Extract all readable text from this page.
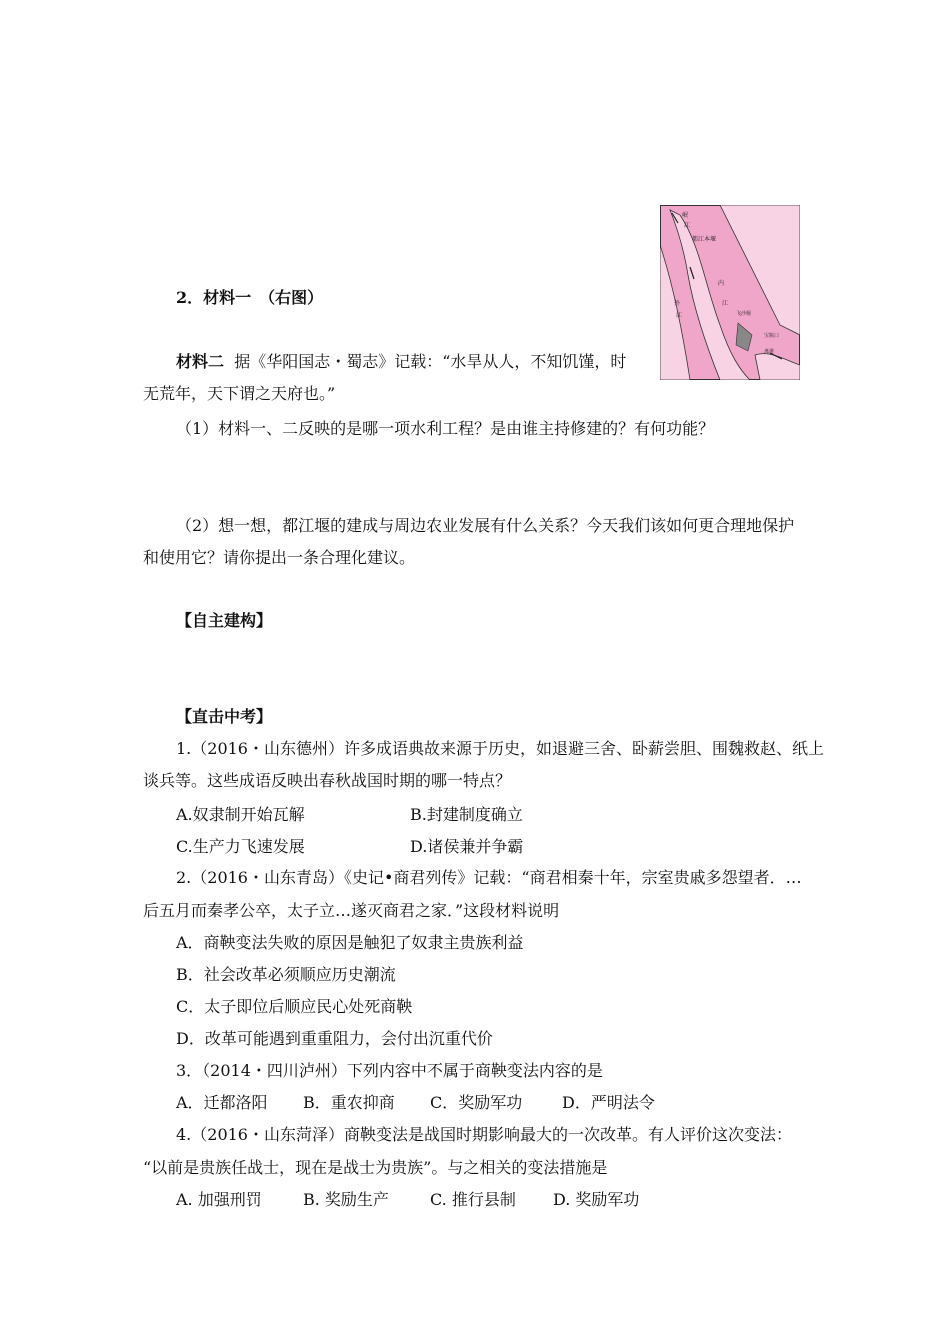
2．材料一　（右图）
材料二 据《华阳国志・蜀志》记载：“水旱从人，不知饥馑，时
无荒年，天下谓之天府也。”
（1）材料一、二反映的是哪一项水利工程？是由谁主持修建的？有何功能？
（2）想一想，都江堰的建成与周边农业发展有什么关系？今天我们该如何更合理地保护
和使用它？请你提出一条合理化建议。
岷
江
都江本堰
外
江
内
江
飞沙堰
宝瓶口
离堆
【自主建构】
【直击中考】
1.（2016・山东德州）许多成语典故来源于历史，如退避三舍、卧薪尝胆、围魏救赵、纸上
谈兵等。这些成语反映出春秋战国时期的哪一特点？
A.奴隶制开始瓦解	B.封建制度确立
C.生产力飞速发展	D.诸侯兼并争霸
2.（2016・山东青岛）《史记•商君列传》记载：“商君相秦十年，宗室贵戚多怨望者．…
后五月而秦孝公卒，太子立…遂灭商君之家．”这段材料说明
A．商鞅变法失败的原因是触犯了奴隶主贵族利益
B．社会改革必须顺应历史潮流
C．太子即位后顺应民心处死商鞅
D．改革可能遇到重重阻力，会付出沉重代价
3．（2014・四川泸州）下列内容中不属于商鞅变法内容的是
A．迁都洛阳 B．重农抑商 C．奖励军功 D．严明法令
4.（2016・山东菏泽）商鞅变法是战国时期影响最大的一次改革。有人评价这次变法：
“以前是贵族任战士，现在是战士为贵族”。与之相关的变法措施是
A. 加强刑罚	B. 奖励生产	C. 推行县制 D. 奖励军功
